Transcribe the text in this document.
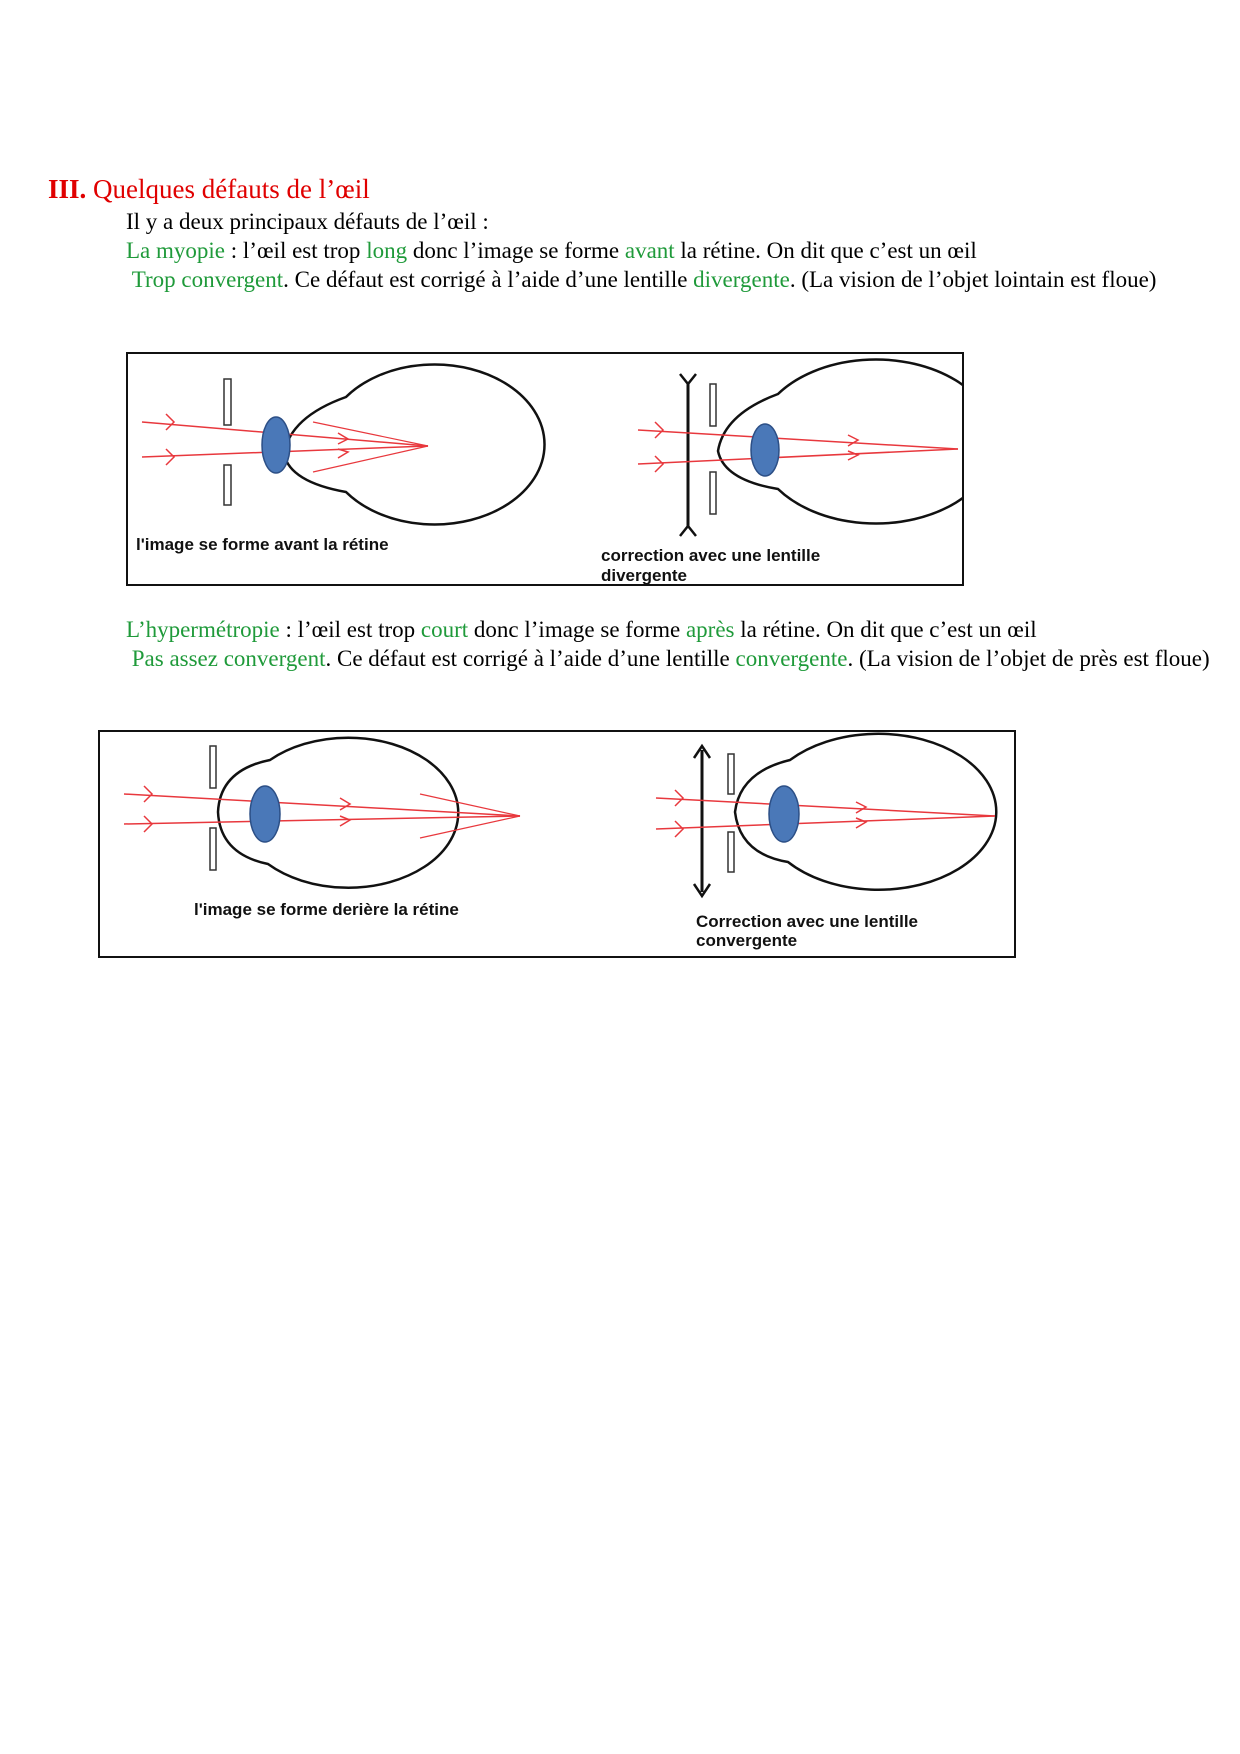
III. Quelques défauts de l’œil
Il y a deux principaux défauts de l’œil :
La myopie : l’œil est trop long donc l’image se forme avant la rétine. On dit que c’est un œil
Trop convergent. Ce défaut est corrigé à l’aide d’une lentille divergente. (La vision de l’objet lointain est floue)
l'image se forme avant la rétine
correction avec une lentille
divergente
L’hypermétropie : l’œil est trop court donc l’image se forme après la rétine. On dit que c’est un œil
Pas assez convergent. Ce défaut est corrigé à l’aide d’une lentille convergente. (La vision de l’objet de près est floue)
l'image se forme derière la rétine
Correction avec une lentille
convergente
